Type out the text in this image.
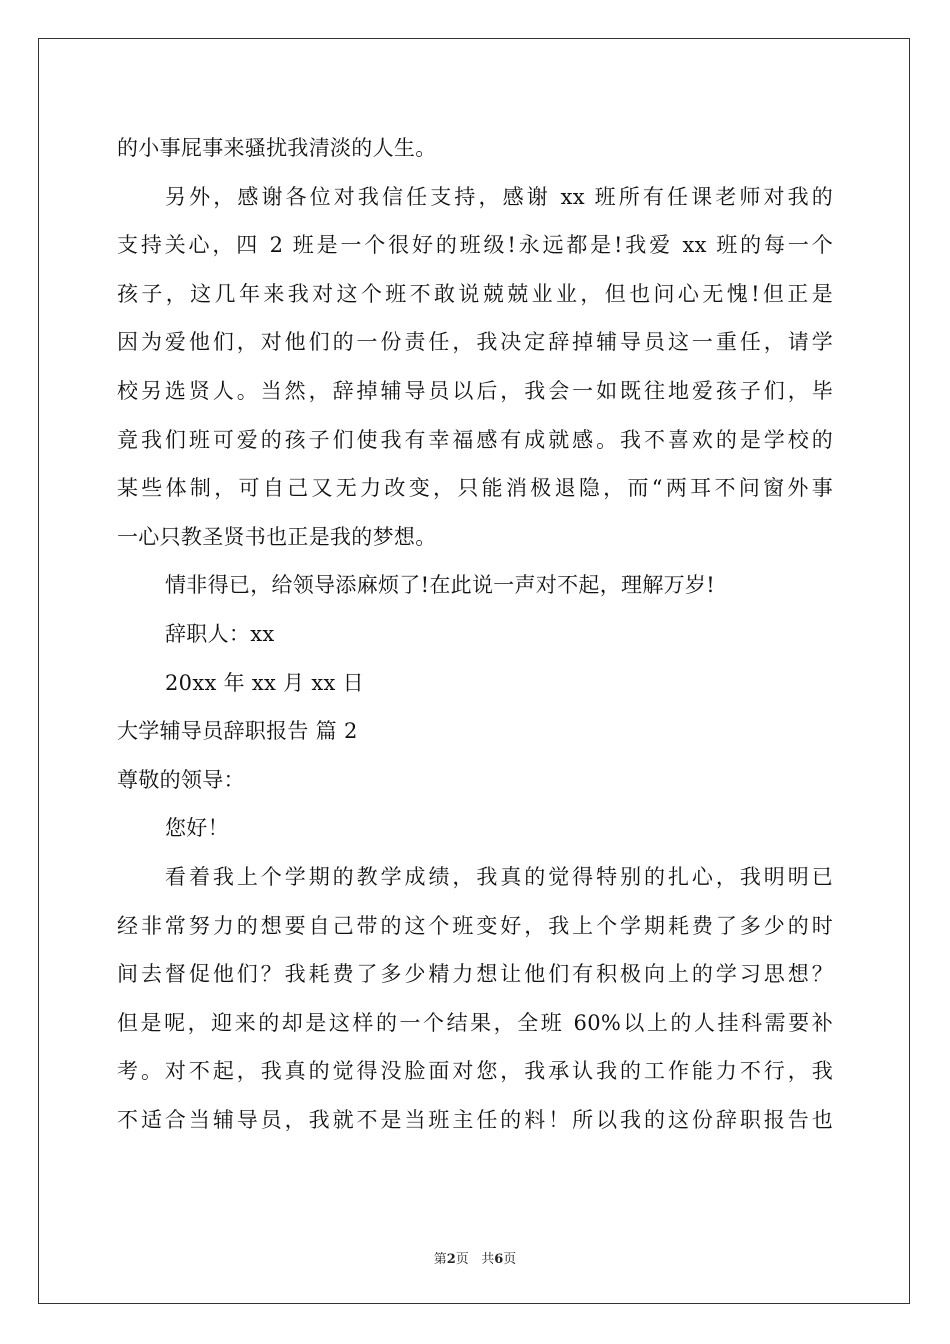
的小事屁事来骚扰我清淡的人生。
另外，感谢各位对我信任支持，感谢 xx 班所有任课老师对我的
支持关心，四 2 班是一个很好的班级!永远都是!我爱 xx 班的每一个
孩子，这几年来我对这个班不敢说兢兢业业，但也问心无愧!但正是
因为爱他们，对他们的一份责任，我决定辞掉辅导员这一重任，请学
校另选贤人。当然，辞掉辅导员以后，我会一如既往地爱孩子们，毕
竟我们班可爱的孩子们使我有幸福感有成就感。我不喜欢的是学校的
某些体制，可自己又无力改变，只能消极退隐，而“两耳不问窗外事
一心只教圣贤书也正是我的梦想。
情非得已，给领导添麻烦了!在此说一声对不起，理解万岁!
辞职人：xx
20xx 年 xx 月 xx 日
大学辅导员辞职报告 篇 2
尊敬的领导：
您好！
看着我上个学期的教学成绩，我真的觉得特别的扎心，我明明已
经非常努力的想要自己带的这个班变好，我上个学期耗费了多少的时
间去督促他们？我耗费了多少精力想让他们有积极向上的学习思想？
但是呢，迎来的却是这样的一个结果，全班 60%以上的人挂科需要补
考。对不起，我真的觉得没脸面对您，我承认我的工作能力不行，我
不适合当辅导员，我就不是当班主任的料！所以我的这份辞职报告也
第2页 共6页
